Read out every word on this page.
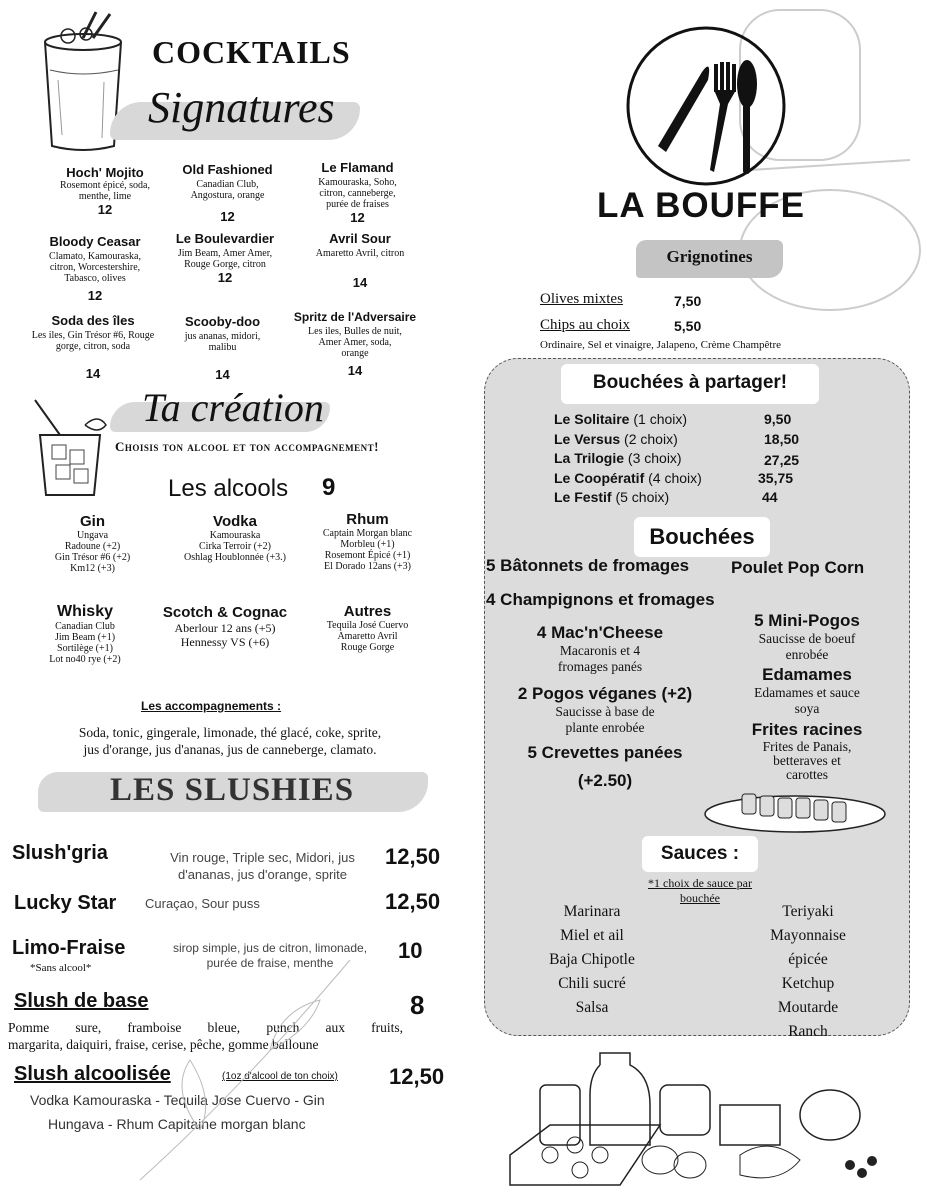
COCKTAILS
Signatures
Hoch' Mojito
Rosemont épicé, soda, menthe, lime
12
Old Fashioned
Canadian Club, Angostura, orange
12
Le Flamand
Kamouraska, Soho, citron, canneberge, purée de fraises
12
Bloody Ceasar
Clamato, Kamouraska, citron, Worcestershire, Tabasco, olives
12
Le Boulevardier
Jim Beam, Amer Amer, Rouge Gorge, citron
12
Avril Sour
Amaretto Avril, citron
14
Soda des îles
Les iles, Gin Trésor #6, Rouge gorge, citron, soda
14
Scooby-doo
jus ananas, midori, malibu
14
Spritz de l'Adversaire
Les iles, Bulles de nuit, Amer Amer, soda, orange
14
Ta création
Choisis ton alcool et ton accompagnement!
Les alcools 9
Gin
Ungava
Radoune (+2)
Gin Trésor #6 (+2)
Km12 (+3)
Vodka
Kamouraska
Cirka Terroir (+2)
Oshlag Houblonnée (+3.)
Rhum
Captain Morgan blanc
Morbleu (+1)
Rosemont Épicé (+1)
El Dorado 12ans (+3)
Whisky
Canadian Club
Jim Beam (+1)
Sortilège (+1)
Lot no40 rye (+2)
Scotch & Cognac
Aberlour 12 ans (+5)
Hennessy VS (+6)
Autres
Tequila José Cuervo
Amaretto Avril
Rouge Gorge
Les accompagnements :
Soda, tonic, gingerale, limonade, thé glacé, coke, sprite,
jus d'orange, jus d'ananas, jus de canneberge, clamato.
LES SLUSHIES
Slush'gria	Vin rouge, Triple sec, Midori, jus
d'ananas, jus d'orange, sprite
12,50
Lucky Star Curaçao, Sour puss	12,50
Limo-Fraise
*Sans alcool*
sirop simple, jus de citron, limonade,
purée de fraise, menthe	10
Slush de base	8
Pomme sure, framboise bleue, punch aux fruits,
margarita, daiquiri, fraise, cerise, pêche, gomme balloune
Slush alcoolisée	(1oz d'alcool de ton choix) 12,50
Vodka Kamouraska - Tequila Jose Cuervo - Gin
Hungava - Rhum Capitaine morgan blanc
LA BOUFFE
Grignotines
Olives mixtes	7,50
Chips au choix	5,50
Ordinaire, Sel et vinaigre, Jalapeno, Crème Champêtre
Bouchées à partager!
Le Solitaire (1 choix)	9,50
Le Versus (2 choix)	18,50
La Trilogie (3 choix)	27,25
Le Coopératif (4 choix)	35,75
Le Festif (5 choix)	44
Bouchées
5 Bâtonnets de fromages Poulet Pop Corn
4 Champignons et fromages
4 Mac'n'Cheese
Macaronis et 4
fromages panés
2 Pogos véganes (+2)
Saucisse à base de
plante enrobée
5 Crevettes panées
(+2.50)
5 Mini-Pogos
Saucisse de boeuf
enrobée
Edamames
Edamames et sauce
soya
Frites racines
Frites de Panais,
betteraves et
carottes
Sauces :
*1 choix de sauce par
bouchée
Marinara
Miel et ail
Baja Chipotle
Chili sucré
Salsa
Teriyaki
Mayonnaise
épicée
Ketchup
Moutarde
Ranch
